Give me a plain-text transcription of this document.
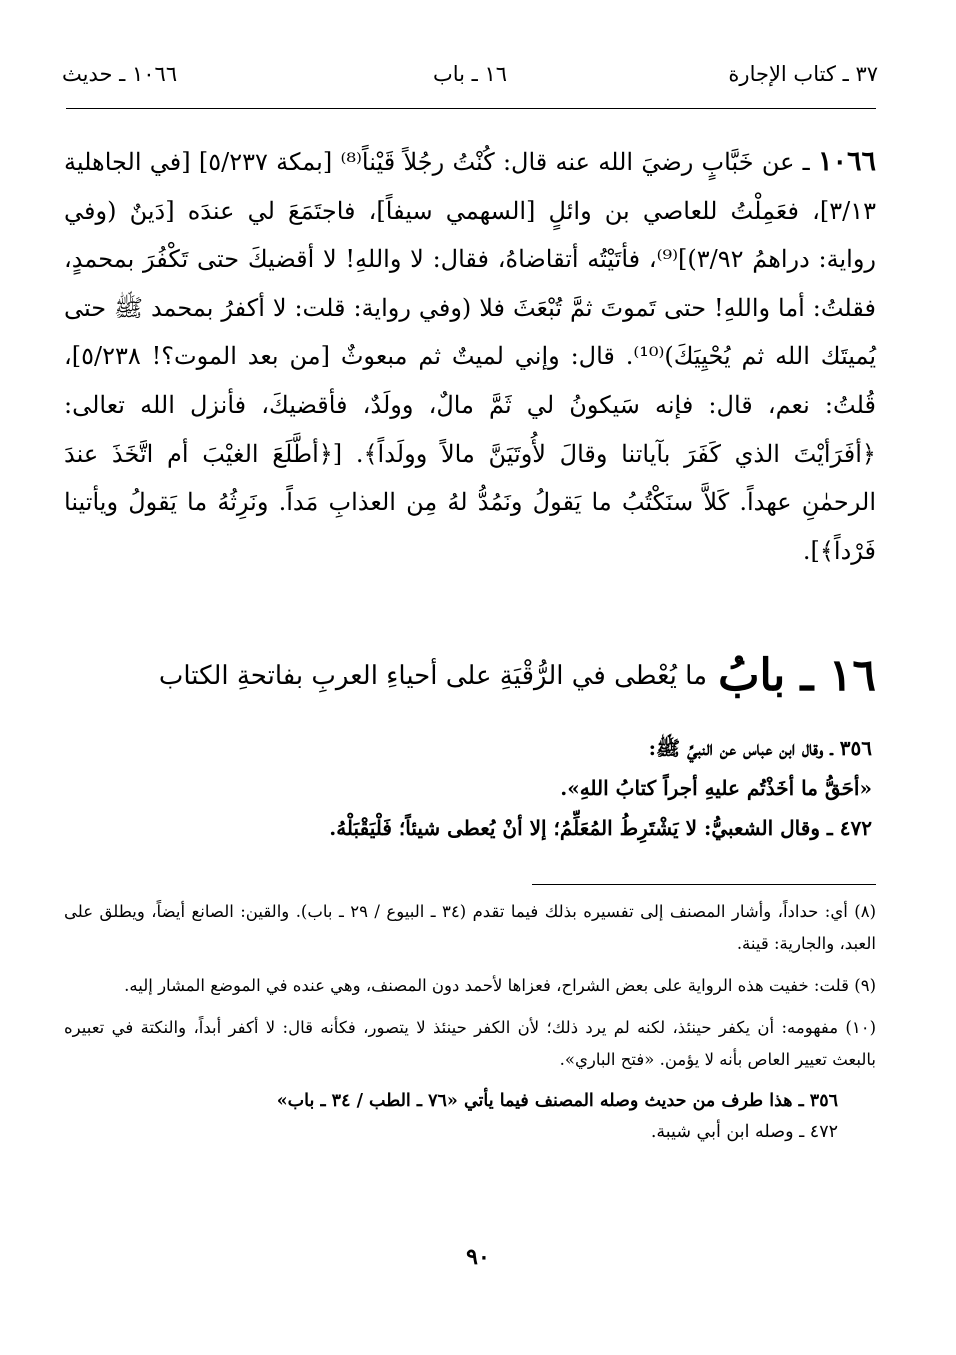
٣٧ ـ كتاب الإجارة
١٦ ـ باب
١٠٦٦ ـ حديث
١٠٦٦ ـ عن خَبَّابٍ رضيَ الله عنه قال: كُنْتُ رجُلاً قَيْناً⁽⁸⁾ [بمكة ٥/٢٣٧] [في الجاهلية ٣/١٣]، فعَمِلْتُ للعاصي بن وائلٍ [السهمي سيفاً]، فاجتَمَعَ لي عندَه [دَينٌ (وفي رواية: دراهمُ ٣/٩٢)]⁽⁹⁾، فأتَيْتُه أتقاضاهُ، فقال: لا واللهِ! لا أقضيكَ حتى تَكْفُرَ بمحمدٍ، فقلتُ: أما واللهِ! حتى تَموتَ ثمَّ تُبْعَثَ فلا (وفي رواية: قلت: لا أكفرُ بمحمد ﷺ حتى يُميتَك الله ثم يُحْيِيَكَ)⁽¹⁰⁾. قال: وإني لميتٌ ثم مبعوثٌ [من بعد الموت؟! ٥/٢٣٨]، قُلتُ: نعم، قال: فإنه سَيكونُ لي ثَمَّ مالٌ، وولَدٌ، فأقضيكَ، فأنزل الله تعالى: ﴿أفَرَأيْتَ الذي كَفَرَ بآياتنا وقالَ لأُوتَيَنَّ مالاً وولَداً﴾. [﴿أطَّلَعَ الغيْبَ أم اتَّخَذَ عندَ الرحمٰنِ عهداً. كَلاَّ سنَكْتُبُ ما يَقولُ ونَمُدُّ لهُ مِن العذابِ مَداً. ونَرِثُهُ ما يَقولُ ويأتينا فَرْداً﴾].
١٦ ـ بابُ ما يُعْطى في الرُّقْيَةِ على أحياءِ العربِ بفاتحةِ الكتاب
٣٥٦ ـ وقال ابن عباس عن النبيِّ ﷺ:
«أحَقُّ ما أخَذْتُم عليهِ أجراً كتابُ اللهِ».
٤٧٢ ـ وقال الشعبيُّ: لا يَشْتَرِطُ المُعَلِّمُ؛ إلا أنْ يُعطى شيئاً؛ فَلْيَقْبَلْهُ.

(٨) أي: حداداً، وأشار المصنف إلى تفسيره بذلك فيما تقدم (٣٤ ـ البيوع / ٢٩ ـ باب). والقين: الصانع أيضاً، ويطلق على العبد، والجارية: قينة.

(٩) قلت: خفيت هذه الرواية على بعض الشراح، فعزاها لأحمد دون المصنف، وهي عنده في الموضع المشار إليه.

(١٠) مفهومه: أن يكفر حينئذ، لكنه لم يرد ذلك؛ لأن الكفر حينئذ لا يتصور، فكأنه قال: لا أكفر أبداً، والنكتة في تعبيره بالبعث تعيير العاص بأنه لا يؤمن. «فتح الباري».

٣٥٦ ـ هذا طرف من حديث وصله المصنف فيما يأتي «٧٦ ـ الطب / ٣٤ ـ باب»

٤٧٢ ـ وصله ابن أبي شيبة.

٩٠
